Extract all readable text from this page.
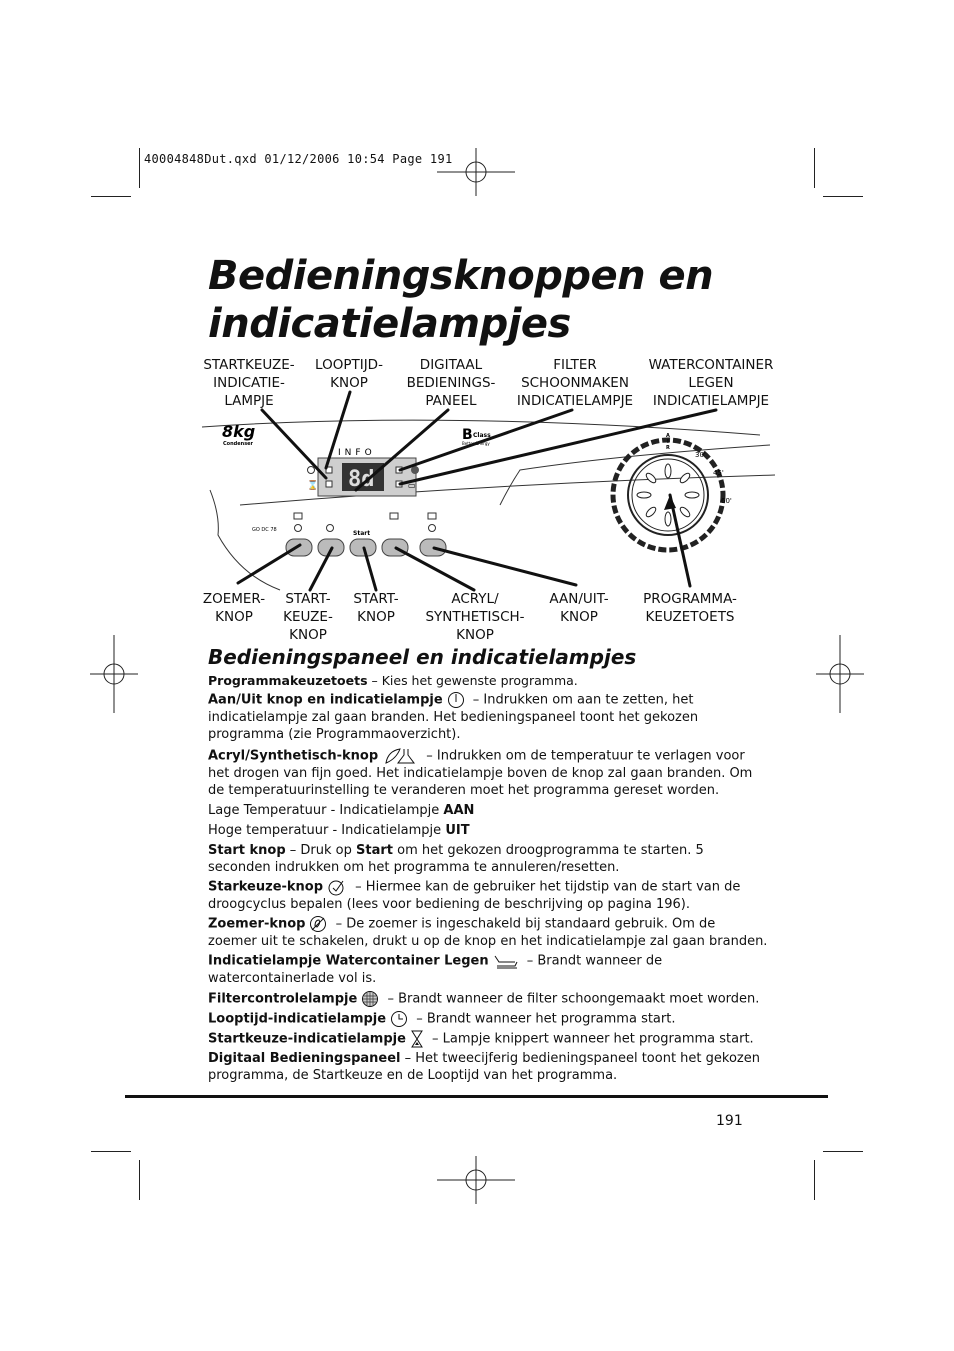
40004848Dut.qxd 01/12/2006 10:54 Page 191
Bedieningsknoppen en indicatielampjes
STARTKEUZE-
INDICATIE-
LAMPJE
LOOPTIJD-
KNOP
DIGITAAL
BEDIENINGS-
PANEEL
FILTER
SCHOONMAKEN
INDICATIELAMPJE
WATERCONTAINER
LEGEN
INDICATIELAMPJE
8kg
Condenser
B Class
Better Energy
INFO
8d
⌛	▭
GO DC 78	Start
A
I
R
30'
45'
60'
ZOEMER-
KNOP
START-
KEUZE-
KNOP
START-
KNOP
ACRYL/
SYNTHETISCH-
KNOP
AAN/UIT-
KNOP
PROGRAMMA-
KEUZETOETS
Bedieningspaneel en indicatielampjes

Programmakeuzetoets – Kies het gewenste programma.

Aan/Uit knop en indicatielampje – Indrukken om aan te zetten, het indicatielampje zal gaan branden. Het bedieningspaneel toont het gekozen programma (zie Programmaoverzicht).

Acryl/Synthetisch-knop	– Indrukken om de temperatuur te verlagen voor het drogen van fijn goed. Het indicatielampje boven de knop zal gaan branden. Om de temperatuurinstelling te veranderen moet het programma gereset worden.

Lage Temperatuur - Indicatielampje AAN

Hoge temperatuur - Indicatielampje UIT

Start knop – Druk op Start om het gekozen droogprogramma te starten. 5 seconden indrukken om het programma te annuleren/resetten.

Starkeuze-knop – Hiermee kan de gebruiker het tijdstip van de start van de droogcyclus bepalen (lees voor bediening de beschrijving op pagina 196).

Zoemer-knop – De zoemer is ingeschakeld bij standaard gebruik. Om de zoemer uit te schakelen, drukt u op de knop en het indicatielampje zal gaan branden.

Indicatielampje Watercontainer Legen	– Brandt wanneer de watercontainerlade vol is.

Filtercontrolelampje – Brandt wanneer de filter schoongemaakt moet worden.

Looptijd-indicatielampje – Brandt wanneer het programma start.

Startkeuze-indicatielampje – Lampje knippert wanneer het programma start.

Digitaal Bedieningspaneel – Het tweecijferig bedieningspaneel toont het gekozen programma, de Startkeuze en de Looptijd van het programma.

191
